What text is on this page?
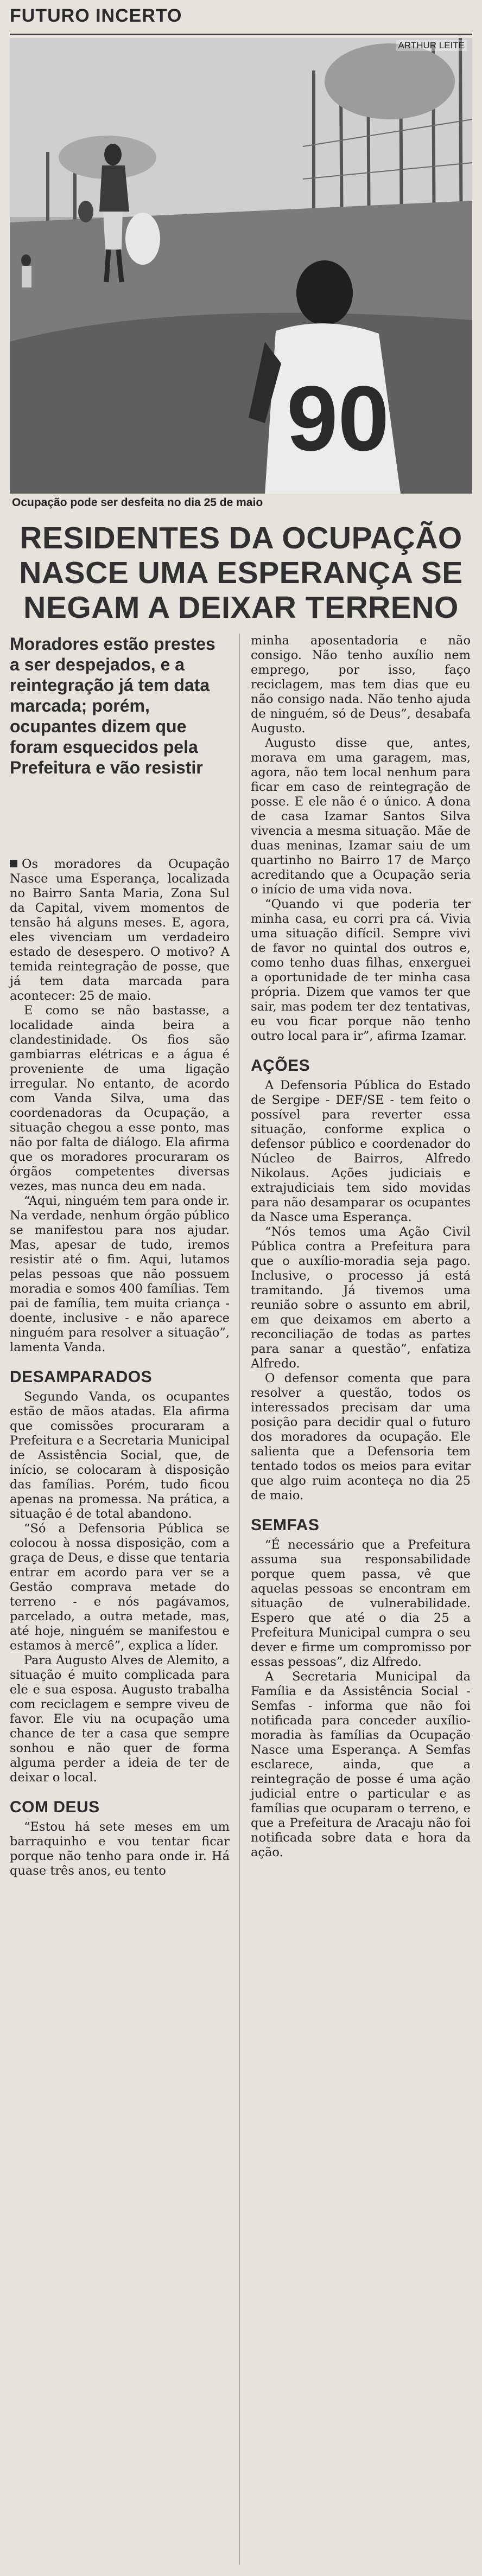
FUTURO INCERTO
90
ARTHUR LEITE
Ocupação pode ser desfeita no dia 25 de maio
RESIDENTES DA OCUPAÇÃO NASCE UMA ESPERANÇA SE NEGAM A DEIXAR TERRENO
Moradores estão prestes a ser despejados, e a reintegração já tem data marcada; porém, ocupantes dizem que foram esquecidos pela Prefeitura e vão resistir

Os moradores da Ocupação Nasce uma Esperança, localizada no Bairro Santa Maria, Zona Sul da Capital, vivem momentos de tensão há alguns meses. E, agora, eles vivenciam um verdadeiro estado de desespero. O motivo? A temida reintegração de posse, que já tem data marcada para acontecer: 25 de maio.

E como se não bastasse, a localidade ainda beira a clandestinidade. Os fios são gambiarras elétricas e a água é proveniente de uma ligação irregular. No entanto, de acordo com Vanda Silva, uma das coordenadoras da Ocupação, a situação chegou a esse ponto, mas não por falta de diálogo. Ela afirma que os moradores procuraram os órgãos competentes diversas vezes, mas nunca deu em nada.

“Aqui, ninguém tem para onde ir. Na verdade, nenhum órgão público se manifestou para nos ajudar. Mas, apesar de tudo, iremos resistir até o fim. Aqui, lutamos pelas pessoas que não possuem moradia e somos 400 famílias. Tem pai de família, tem muita criança - doente, inclusive - e não aparece ninguém para resolver a situação”, lamenta Vanda.

DESAMPARADOS

Segundo Vanda, os ocupantes estão de mãos atadas. Ela afirma que comissões procuraram a Prefeitura e a Secretaria Municipal de Assistência Social, que, de início, se colocaram à disposição das famílias. Porém, tudo ficou apenas na promessa. Na prática, a situação é de total abandono.

“Só a Defensoria Pública se colocou à nossa disposição, com a graça de Deus, e disse que tentaria entrar em acordo para ver se a Gestão comprava metade do terreno - e nós pagávamos, parcelado, a outra metade, mas, até hoje, ninguém se manifestou e estamos à mercê”, explica a líder.

Para Augusto Alves de Alemito, a situação é muito complicada para ele e sua esposa. Augusto trabalha com reciclagem e sempre viveu de favor. Ele viu na ocupação uma chance de ter a casa que sempre sonhou e não quer de forma alguma perder a ideia de ter de deixar o local.

COM DEUS

“Estou há sete meses em um barraquinho e vou tentar ficar porque não tenho para onde ir. Há quase três anos, eu tento

minha aposentadoria e não consigo. Não tenho auxílio nem emprego, por isso, faço reciclagem, mas tem dias que eu não consigo nada. Não tenho ajuda de ninguém, só de Deus”, desabafa Augusto.

Augusto disse que, antes, morava em uma garagem, mas, agora, não tem local nenhum para ficar em caso de reintegração de posse. E ele não é o único. A dona de casa Izamar Santos Silva vivencia a mesma situação. Mãe de duas meninas, Izamar saiu de um quartinho no Bairro 17 de Março acreditando que a Ocupação seria o início de uma vida nova.

“Quando vi que poderia ter minha casa, eu corri pra cá. Vivia uma situação difícil. Sempre vivi de favor no quintal dos outros e, como tenho duas filhas, enxerguei a oportunidade de ter minha casa própria. Dizem que vamos ter que sair, mas podem ter dez tentativas, eu vou ficar porque não tenho outro local para ir”, afirma Izamar.

AÇÕES

A Defensoria Pública do Estado de Sergipe - DEF/SE - tem feito o possível para reverter essa situação, conforme explica o defensor público e coordenador do Núcleo de Bairros, Alfredo Nikolaus. Ações judiciais e extrajudiciais tem sido movidas para não desamparar os ocupantes da Nasce uma Esperança.

“Nós temos uma Ação Civil Pública contra a Prefeitura para que o auxílio-moradia seja pago. Inclusive, o processo já está tramitando. Já tivemos uma reunião sobre o assunto em abril, em que deixamos em aberto a reconciliação de todas as partes para sanar a questão”, enfatiza Alfredo.

O defensor comenta que para resolver a questão, todos os interessados precisam dar uma posição para decidir qual o futuro dos moradores da ocupação. Ele salienta que a Defensoria tem tentado todos os meios para evitar que algo ruim aconteça no dia 25 de maio.

SEMFAS

“É necessário que a Prefeitura assuma sua responsabilidade porque quem passa, vê que aquelas pessoas se encontram em situação de vulnerabilidade. Espero que até o dia 25 a Prefeitura Municipal cumpra o seu dever e firme um compromisso por essas pessoas”, diz Alfredo.

A Secretaria Municipal da Família e da Assistência Social - Semfas - informa que não foi notificada para conceder auxílio-moradia às famílias da Ocupação Nasce uma Esperança. A Semfas esclarece, ainda, que a reintegração de posse é uma ação judicial entre o particular e as famílias que ocuparam o terreno, e que a Prefeitura de Aracaju não foi notificada sobre data e hora da ação.
